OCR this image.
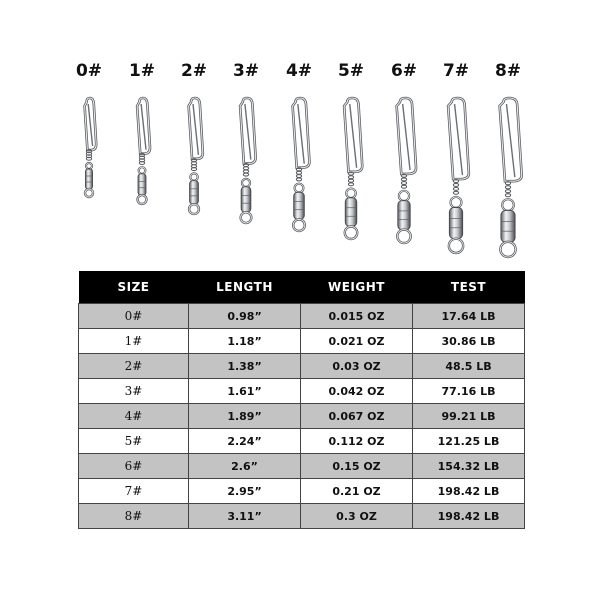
0#	1#	2#	3#	4#	5#	6#	7#	8#
SIZE	LENGTH	WEIGHT	TEST
0#	0.98”	0.015 OZ	17.64 LB
1#	1.18”	0.021 OZ	30.86 LB
2#	1.38”	0.03 OZ	48.5 LB
3#	1.61”	0.042 OZ	77.16 LB
4#	1.89”	0.067 OZ	99.21 LB
5#	2.24”	0.112 OZ	121.25 LB
6#	2.6”	0.15 OZ	154.32 LB
7#	2.95”	0.21 OZ	198.42 LB
8#	3.11”	0.3 OZ	198.42 LB
